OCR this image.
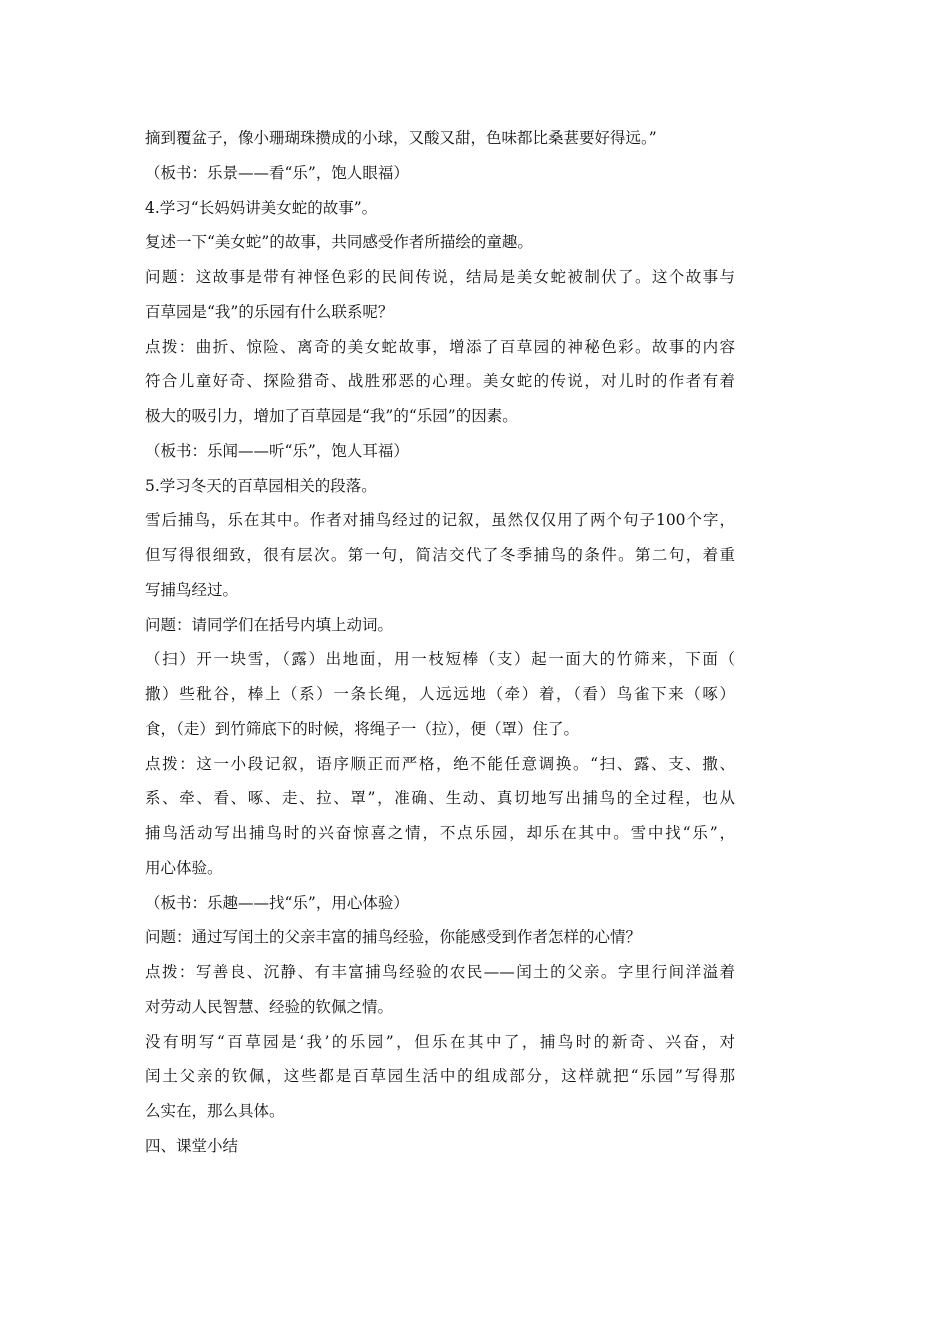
摘到覆盆子，像小珊瑚珠攒成的小球，又酸又甜，色味都比桑葚要好得远。”
（板书：乐景——看“乐”，饱人眼福）
4.学习“长妈妈讲美女蛇的故事”。
复述一下“美女蛇”的故事，共同感受作者所描绘的童趣。
问题：这故事是带有神怪色彩的民间传说，结局是美女蛇被制伏了。这个故事与
百草园是“我”的乐园有什么联系呢？
点拨：曲折、惊险、离奇的美女蛇故事，增添了百草园的神秘色彩。故事的内容
符合儿童好奇、探险猎奇、战胜邪恶的心理。美女蛇的传说，对儿时的作者有着
极大的吸引力，增加了百草园是“我”的“乐园”的因素。
（板书：乐闻——听“乐”，饱人耳福）
5.学习冬天的百草园相关的段落。
雪后捕鸟，乐在其中。作者对捕鸟经过的记叙，虽然仅仅用了两个句子100个字，
但写得很细致，很有层次。第一句，简洁交代了冬季捕鸟的条件。第二句，着重
写捕鸟经过。
问题：请同学们在括号内填上动词。
（扫）开一块雪，（露）出地面，用一枝短棒（支）起一面大的竹筛来，下面（
撒）些秕谷，棒上（系）一条长绳，人远远地（牵）着，（看）鸟雀下来（啄）
食，（走）到竹筛底下的时候，将绳子一（拉），便（罩）住了。
点拨：这一小段记叙，语序顺正而严格，绝不能任意调换。“扫、露、支、撒、
系、牵、看、啄、走、拉、罩”，准确、生动、真切地写出捕鸟的全过程，也从
捕鸟活动写出捕鸟时的兴奋惊喜之情，不点乐园，却乐在其中。雪中找“乐”，
用心体验。
（板书：乐趣——找“乐”，用心体验）
问题：通过写闰土的父亲丰富的捕鸟经验，你能感受到作者怎样的心情？
点拨：写善良、沉静、有丰富捕鸟经验的农民——闰土的父亲。字里行间洋溢着
对劳动人民智慧、经验的钦佩之情。
没有明写“百草园是‘我’的乐园”，但乐在其中了，捕鸟时的新奇、兴奋，对
闰土父亲的钦佩，这些都是百草园生活中的组成部分，这样就把“乐园”写得那
么实在，那么具体。
四、课堂小结
